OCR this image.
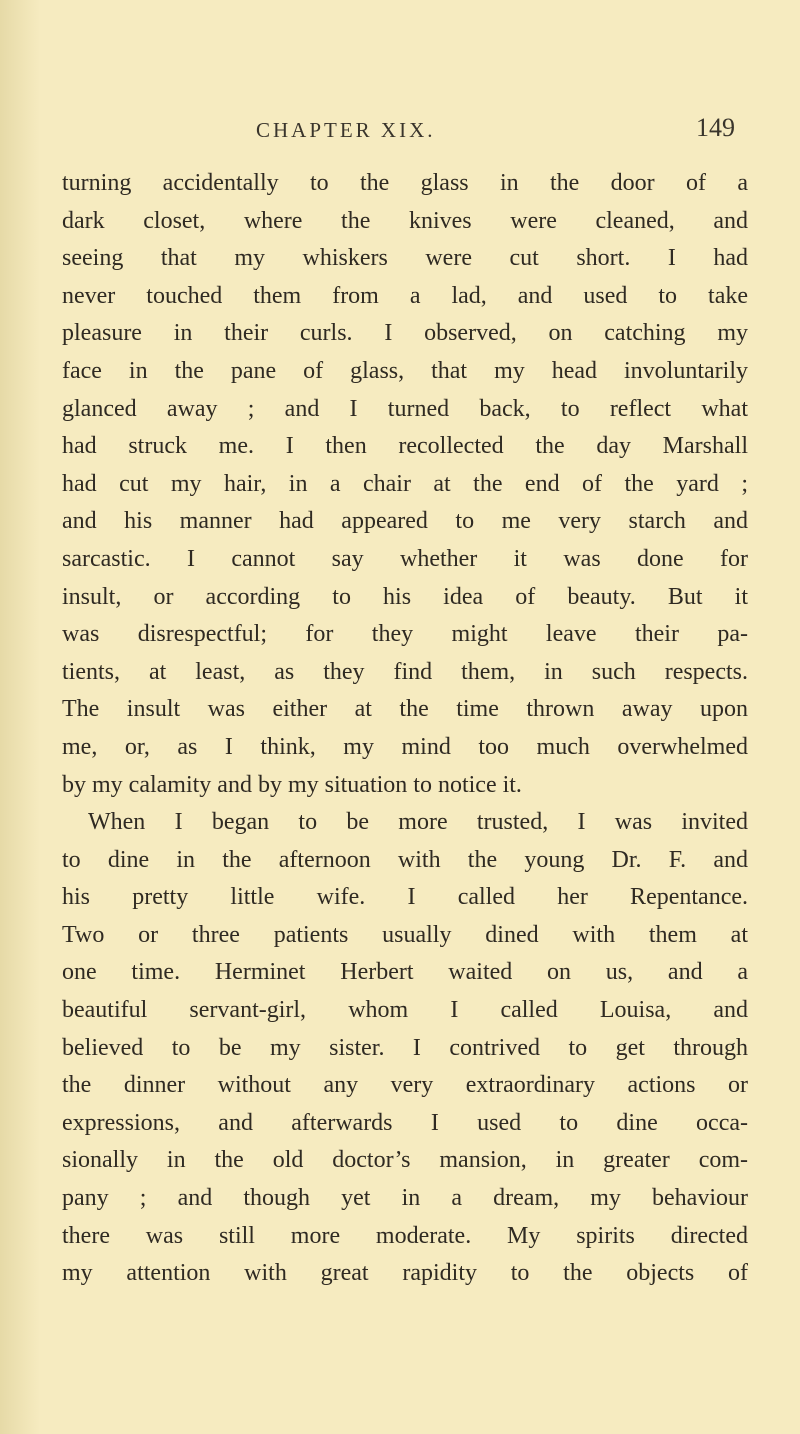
CHAPTER XIX.	149
turning accidentally to the glass in the door of a
dark closet, where the knives were cleaned, and
seeing that my whiskers were cut short. I had
never touched them from a lad, and used to take
pleasure in their curls. I observed, on catching my
face in the pane of glass, that my head involuntarily
glanced away ; and I turned back, to reflect what
had struck me. I then recollected the day Marshall
had cut my hair, in a chair at the end of the yard ;
and his manner had appeared to me very starch and
sarcastic. I cannot say whether it was done for
insult, or according to his idea of beauty. But it
was disrespectful; for they might leave their pa-
tients, at least, as they find them, in such respects.
The insult was either at the time thrown away upon
me, or, as I think, my mind too much overwhelmed
by my calamity and by my situation to notice it.
When I began to be more trusted, I was invited
to dine in the afternoon with the young Dr. F. and
his pretty little wife. I called her Repentance.
Two or three patients usually dined with them at
one time. Herminet Herbert waited on us, and a
beautiful servant-girl, whom I called Louisa, and
believed to be my sister. I contrived to get through
the dinner without any very extraordinary actions or
expressions, and afterwards I used to dine occa-
sionally in the old doctor’s mansion, in greater com-
pany ; and though yet in a dream, my behaviour
there was still more moderate. My spirits directed
my attention with great rapidity to the objects of
